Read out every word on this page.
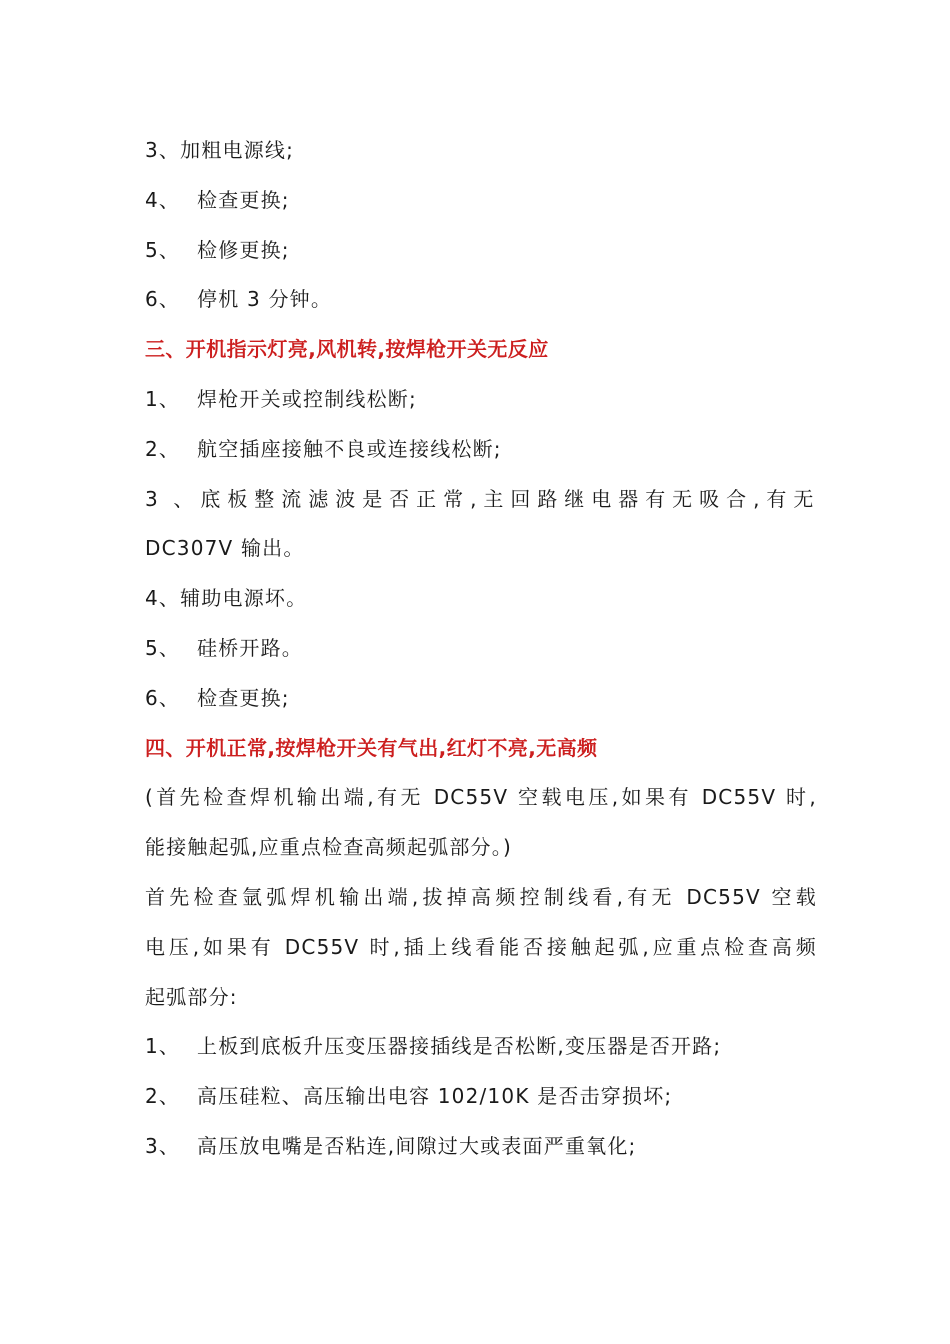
3、加粗电源线;
4、 检查更换;
5、 检修更换;
6、 停机 3 分钟。
三、开机指示灯亮,风机转,按焊枪开关无反应
1、 焊枪开关或控制线松断;
2、 航空插座接触不良或连接线松断;
3、底板整流滤波是否正常,主回路继电器有无吸合,有无
DC307V 输出。
4、辅助电源坏。
5、 硅桥开路。
6、 检查更换;
四、开机正常,按焊枪开关有气出,红灯不亮,无高频
(首先检查焊机输出端,有无 DC55V 空载电压,如果有 DC55V 时,
能接触起弧,应重点检查高频起弧部分。)
首先检查氩弧焊机输出端,拔掉高频控制线看,有无 DC55V 空载
电压,如果有 DC55V 时,插上线看能否接触起弧,应重点检查高频
起弧部分:
1、 上板到底板升压变压器接插线是否松断,变压器是否开路;
2、 高压硅粒、高压输出电容 102/10K 是否击穿损坏;
3、 高压放电嘴是否粘连,间隙过大或表面严重氧化;
